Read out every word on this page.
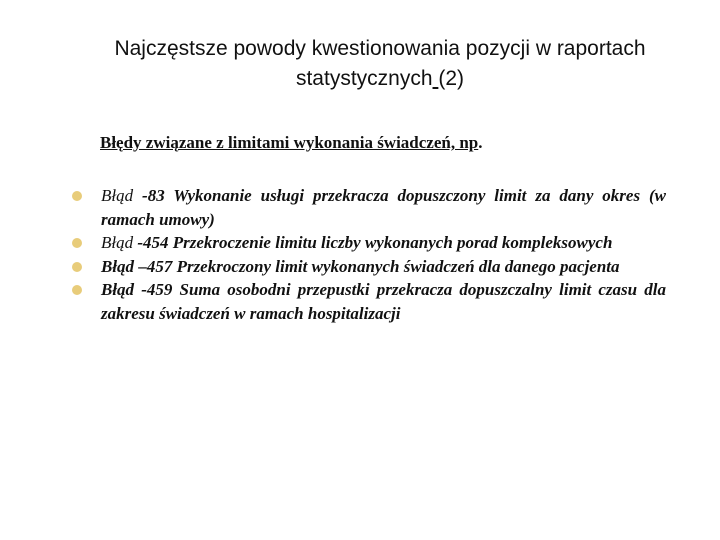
Najczęstsze powody kwestionowania pozycji w raportach statystycznych (2)
Błędy związane z limitami wykonania świadczeń, np.
Błąd -83 Wykonanie usługi przekracza dopuszczony limit za dany okres (w ramach umowy)
Błąd -454 Przekroczenie limitu liczby wykonanych porad kompleksowych
Błąd –457 Przekroczony limit wykonanych świadczeń dla danego pacjenta
Błąd -459 Suma osobodni przepustki przekracza dopuszczalny limit czasu dla zakresu świadczeń w ramach hospitalizacji
